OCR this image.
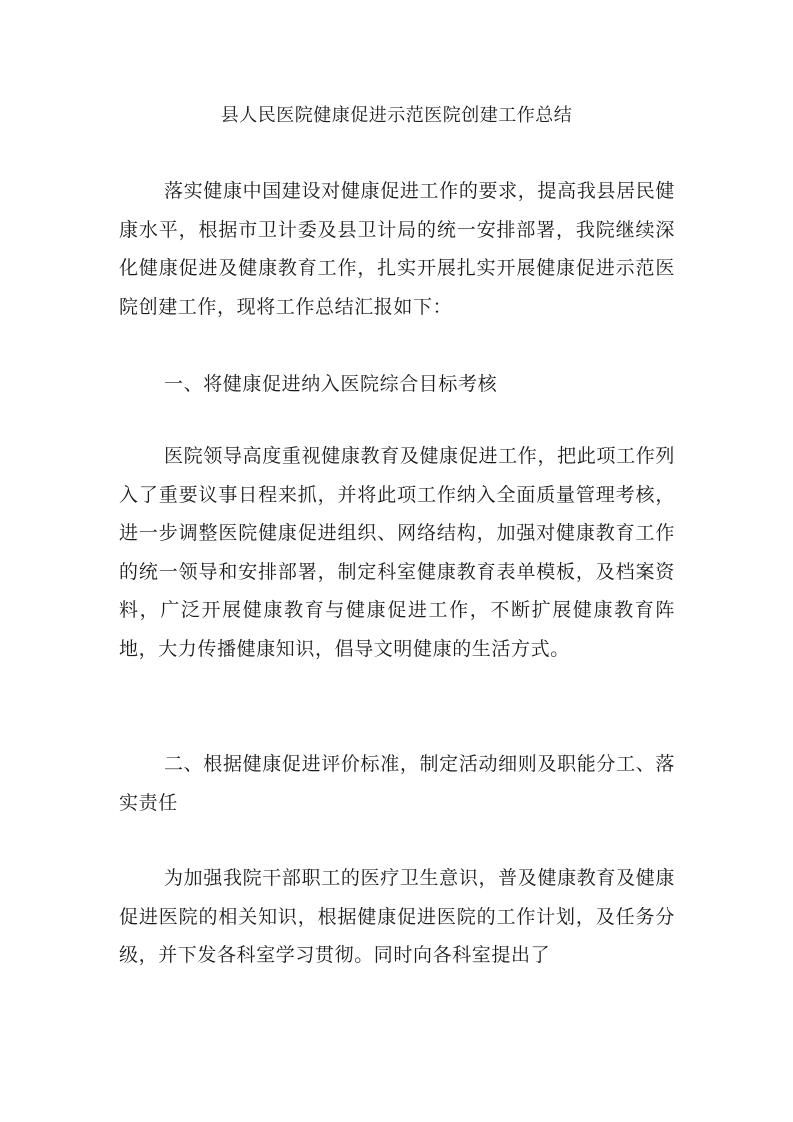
县人民医院健康促进示范医院创建工作总结

落实健康中国建设对健康促进工作的要求，提高我县居民健康水平，根据市卫计委及县卫计局的统一安排部署，我院继续深化健康促进及健康教育工作，扎实开展扎实开展健康促进示范医院创建工作，现将工作总结汇报如下：

一、将健康促进纳入医院综合目标考核

医院领导高度重视健康教育及健康促进工作，把此项工作列入了重要议事日程来抓，并将此项工作纳入全面质量管理考核，进一步调整医院健康促进组织、网络结构，加强对健康教育工作的统一领导和安排部署，制定科室健康教育表单模板，及档案资料，广泛开展健康教育与健康促进工作，不断扩展健康教育阵地，大力传播健康知识，倡导文明健康的生活方式。

二、根据健康促进评价标准，制定活动细则及职能分工、落实责任

为加强我院干部职工的医疗卫生意识，普及健康教育及健康促进医院的相关知识，根据健康促进医院的工作计划，及任务分级，并下发各科室学习贯彻。同时向各科室提出了
